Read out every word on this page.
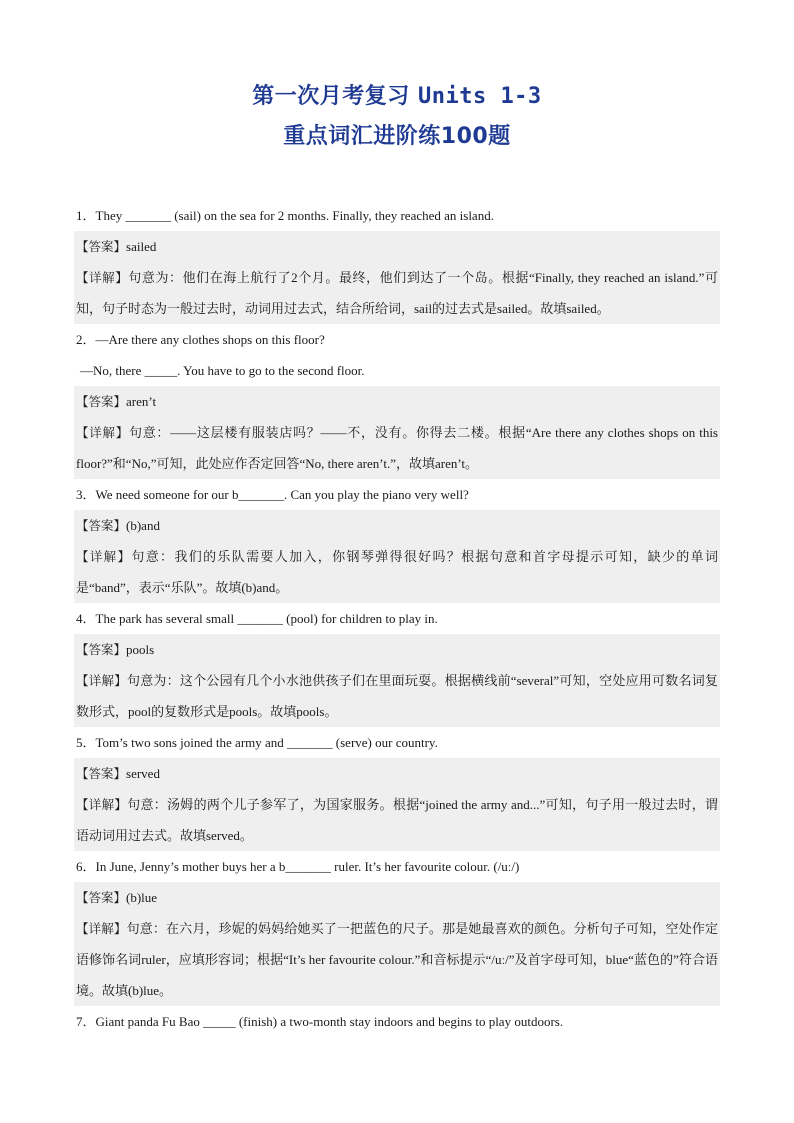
第一次月考复习 Units 1-3
重点词汇进阶练100题
1．They _______ (sail) on the sea for 2 months. Finally, they reached an island.
【答案】sailed
【详解】句意为：他们在海上航行了2个月。最终，他们到达了一个岛。根据“Finally, they reached an island.”可知，句子时态为一般过去时，动词用过去式，结合所给词，sail的过去式是sailed。故填sailed。
2．—Are there any clothes shops on this floor?
—No, there _____. You have to go to the second floor.
【答案】aren’t
【详解】句意：——这层楼有服装店吗？——不，没有。你得去二楼。根据“Are there any clothes shops on this floor?”和“No,”可知，此处应作否定回答“No, there aren’t.”，故填aren’t。
3．We need someone for our b_______. Can you play the piano very well?
【答案】(b)and
【详解】句意：我们的乐队需要人加入，你钢琴弹得很好吗？根据句意和首字母提示可知，缺少的单词是“band”，表示“乐队”。故填(b)and。
4．The park has several small _______ (pool) for children to play in.
【答案】pools
【详解】句意为：这个公园有几个小水池供孩子们在里面玩耍。根据横线前“several”可知，空处应用可数名词复数形式，pool的复数形式是pools。故填pools。
5．Tom’s two sons joined the army and _______ (serve) our country.
【答案】served
【详解】句意：汤姆的两个儿子参军了，为国家服务。根据“joined the army and...”可知，句子用一般过去时，谓语动词用过去式。故填served。
6．In June, Jenny’s mother buys her a b_______ ruler. It’s her favourite colour. (/uː/)
【答案】(b)lue
【详解】句意：在六月，珍妮的妈妈给她买了一把蓝色的尺子。那是她最喜欢的颜色。分析句子可知，空处作定语修饰名词ruler，应填形容词；根据“It’s her favourite colour.”和音标提示“/uː/”及首字母可知，blue“蓝色的”符合语境。故填(b)lue。
7．Giant panda Fu Bao _____ (finish) a two-month stay indoors and begins to play outdoors.
